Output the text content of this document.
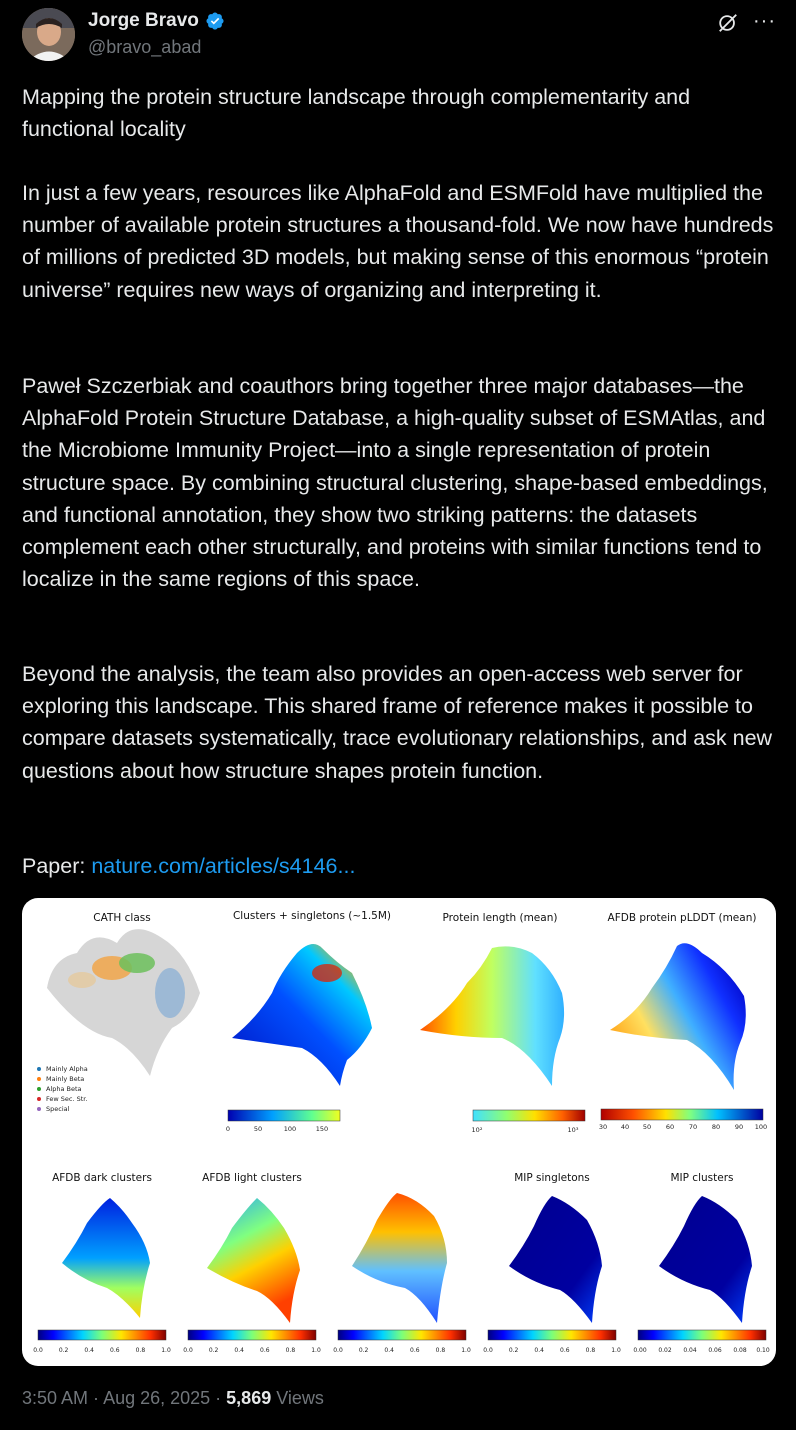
Jorge Bravo
@bravo_abad
···

Mapping the protein structure landscape through complementarity and functional locality

In just a few years, resources like AlphaFold and ESMFold have multiplied the number of available protein structures a thousand-fold. We now have hundreds of millions of predicted 3D models, but making sense of this enormous “protein universe” requires new ways of organizing and interpreting it.

Paweł Szczerbiak and coauthors bring together three major databases—the AlphaFold Protein Structure Database, a high-quality subset of ESMAtlas, and the Microbiome Immunity Project—into a single representation of protein structure space. By combining structural clustering, shape-based embeddings, and functional annotation, they show two striking patterns: the datasets complement each other structurally, and proteins with similar functions tend to localize in the same regions of this space.

Beyond the analysis, the team also provides an open-access web server for exploring this landscape. This shared frame of reference makes it possible to compare datasets systematically, trace evolutionary relationships, and ask new questions about how structure shapes protein function.

Paper: nature.com/articles/s4146...

CATH class	Clusters + singletons (~1.5M)	Protein length (mean)	AFDB protein pLDDT (mean)
Mainly Alpha
Mainly Beta
Alpha Beta
Few Sec. Str.
Special
0	50	100	150	10²	10³	30 40 50 60 70 80 90 100
AFDB dark clusters	AFDB light clusters	MIP singletons	MIP clusters
0.0	0.2	0.4	0.6	0.8	1.0 0.0	0.2	0.4	0.6	0.8	1.0 0.0	0.2	0.4	0.6	0.8	1.0 0.0	0.2	0.4	0.6	0.8	1.0 0.00 0.02 0.04 0.06 0.08 0.10
3:50 AM · Aug 26, 2025 · 5,869 Views
